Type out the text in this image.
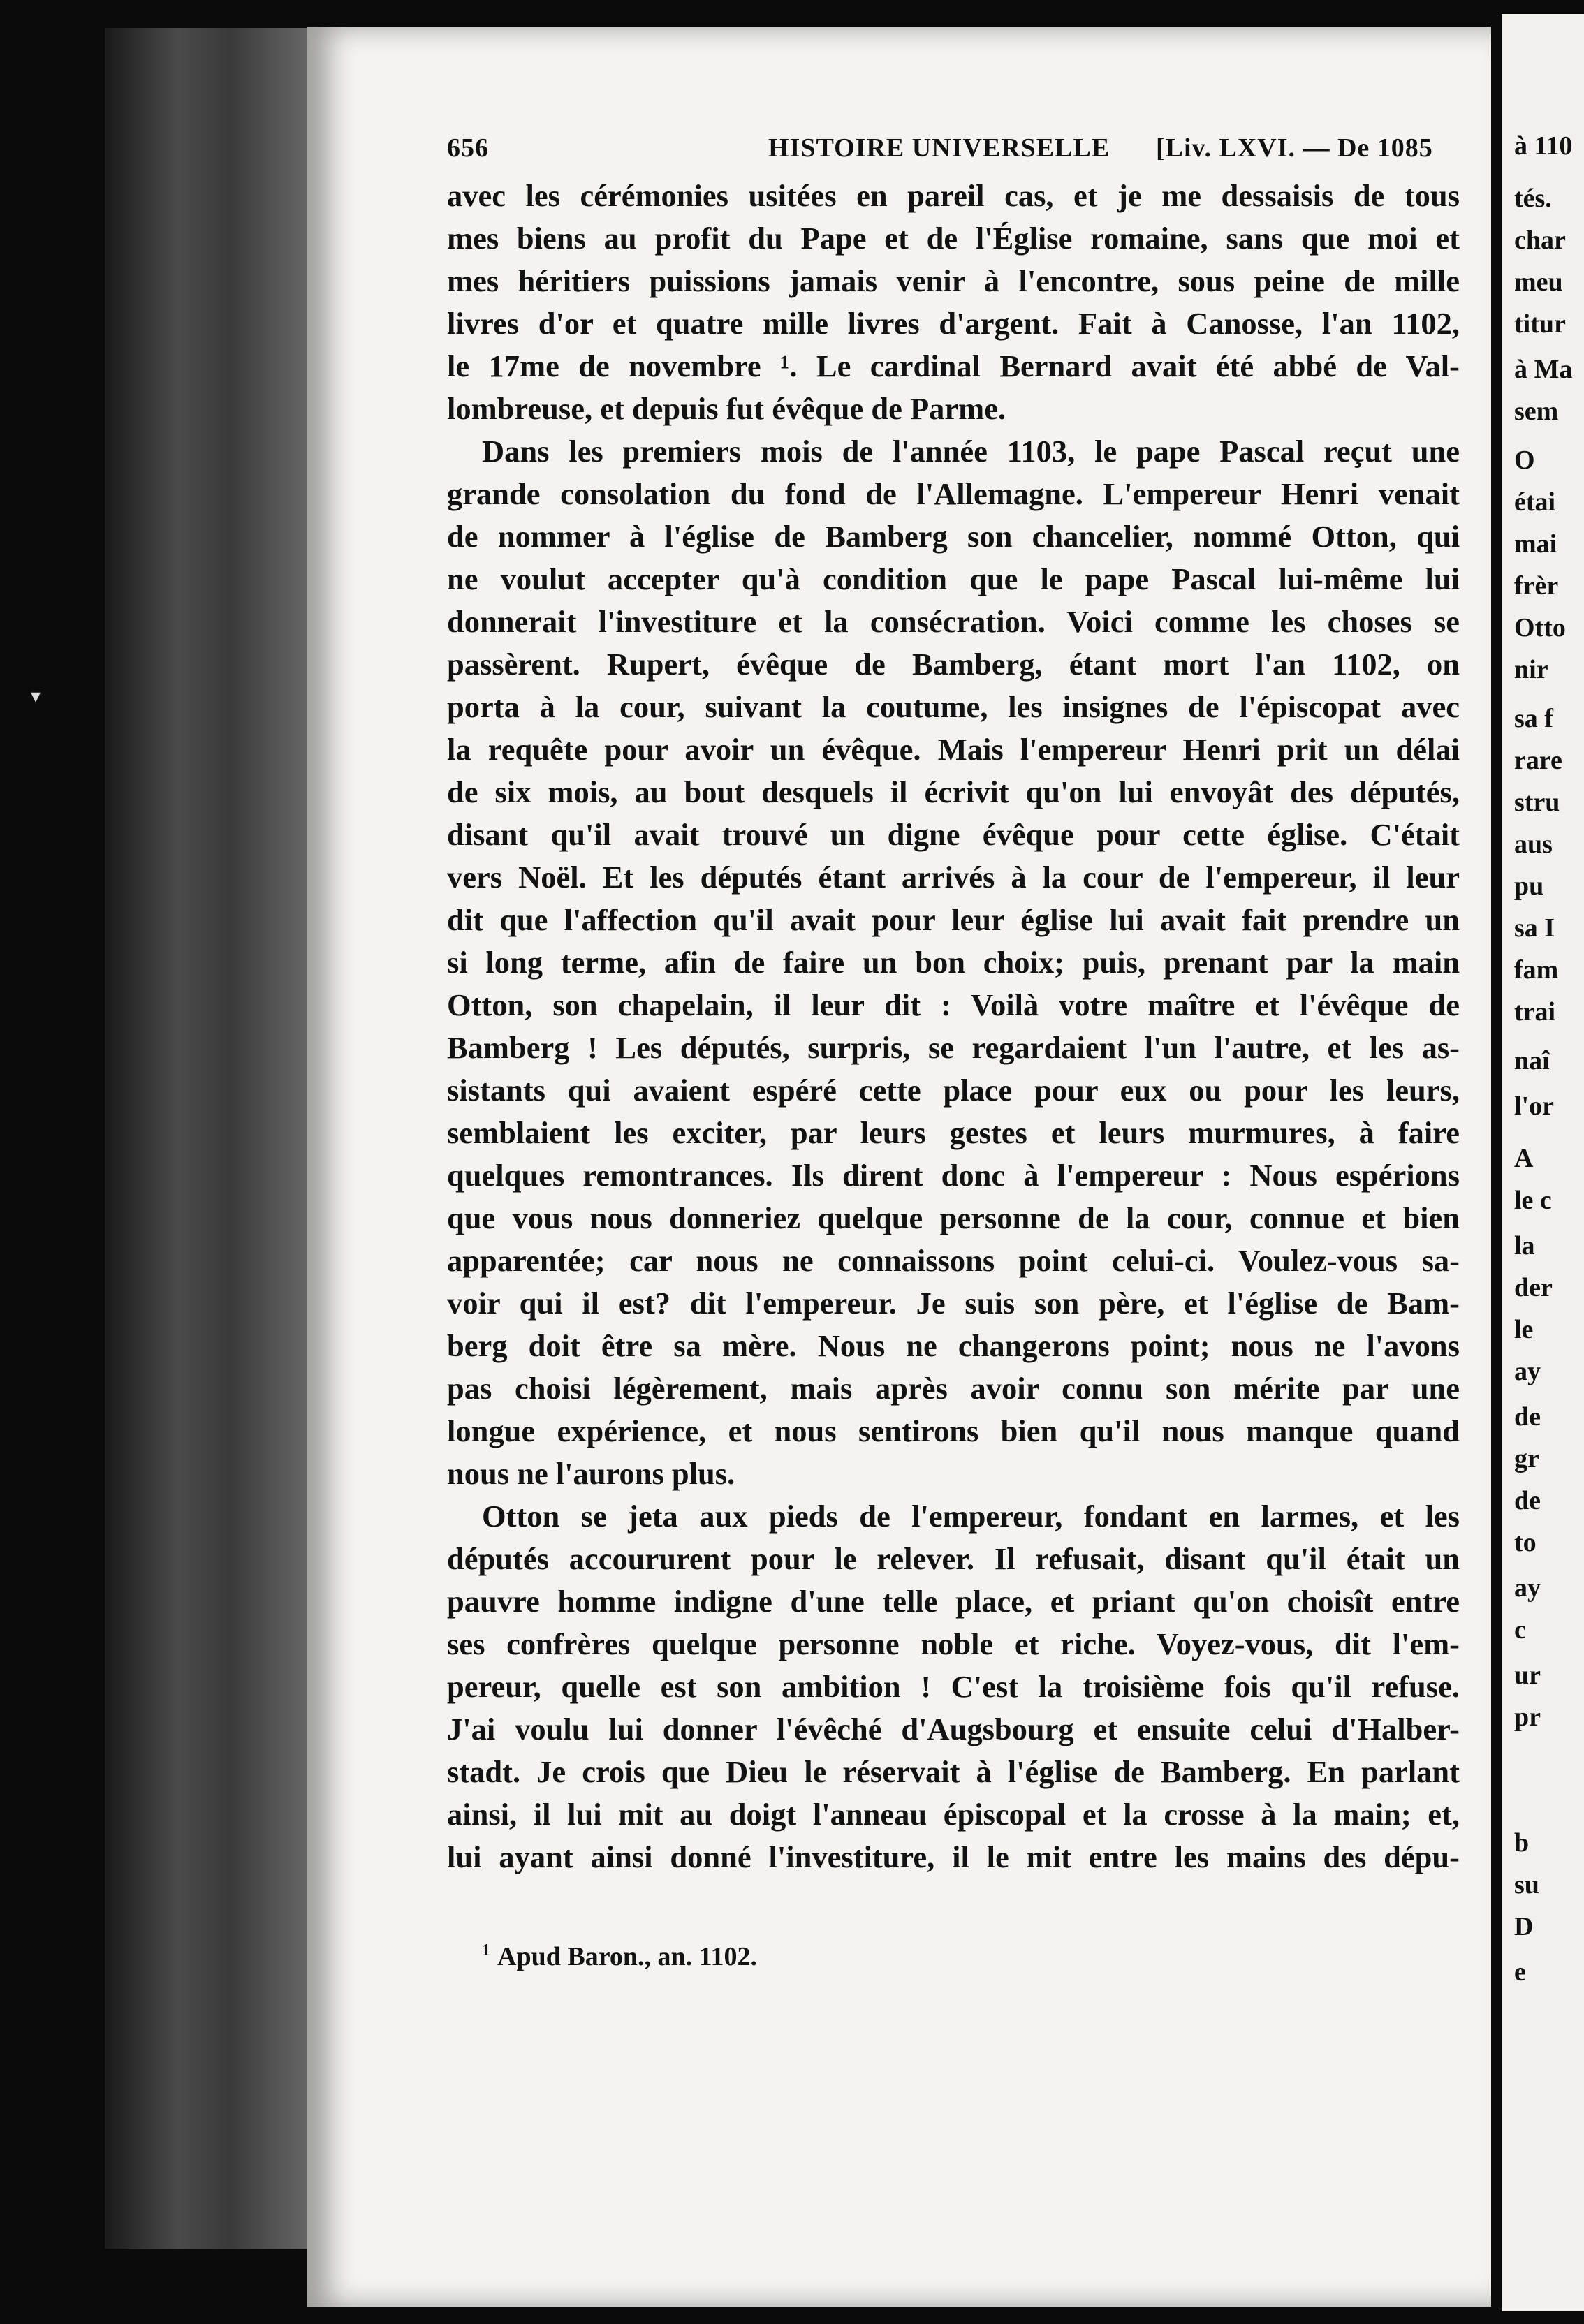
à 110
tés.
char
meu
titur
à Ma
sem
O
étai
mai
frèr
Otto
nir
sa f
rare
stru
aus
pu
sa I
fam
trai
naî
l'or
A
le c
la
der
le
ay
de
gr
de
to
ay
c
ur
pr
b
su
D
e
▾
656	HISTOIRE UNIVERSELLE [Liv. LXVI. — De 1085
avec les cérémonies usitées en pareil cas, et je me dessaisis de tous
mes biens au profit du Pape et de l'Église romaine, sans que moi et
mes héritiers puissions jamais venir à l'encontre, sous peine de mille
livres d'or et quatre mille livres d'argent. Fait à Canosse, l'an 1102,
le 17me de novembre ¹. Le cardinal Bernard avait été abbé de Val-
lombreuse, et depuis fut évêque de Parme.
Dans les premiers mois de l'année 1103, le pape Pascal reçut une
grande consolation du fond de l'Allemagne. L'empereur Henri venait
de nommer à l'église de Bamberg son chancelier, nommé Otton, qui
ne voulut accepter qu'à condition que le pape Pascal lui-même lui
donnerait l'investiture et la consécration. Voici comme les choses se
passèrent. Rupert, évêque de Bamberg, étant mort l'an 1102, on
porta à la cour, suivant la coutume, les insignes de l'épiscopat avec
la requête pour avoir un évêque. Mais l'empereur Henri prit un délai
de six mois, au bout desquels il écrivit qu'on lui envoyât des députés,
disant qu'il avait trouvé un digne évêque pour cette église. C'était
vers Noël. Et les députés étant arrivés à la cour de l'empereur, il leur
dit que l'affection qu'il avait pour leur église lui avait fait prendre un
si long terme, afin de faire un bon choix; puis, prenant par la main
Otton, son chapelain, il leur dit : Voilà votre maître et l'évêque de
Bamberg ! Les députés, surpris, se regardaient l'un l'autre, et les as-
sistants qui avaient espéré cette place pour eux ou pour les leurs,
semblaient les exciter, par leurs gestes et leurs murmures, à faire
quelques remontrances. Ils dirent donc à l'empereur : Nous espérions
que vous nous donneriez quelque personne de la cour, connue et bien
apparentée; car nous ne connaissons point celui-ci. Voulez-vous sa-
voir qui il est? dit l'empereur. Je suis son père, et l'église de Bam-
berg doit être sa mère. Nous ne changerons point; nous ne l'avons
pas choisi légèrement, mais après avoir connu son mérite par une
longue expérience, et nous sentirons bien qu'il nous manque quand
nous ne l'aurons plus.
Otton se jeta aux pieds de l'empereur, fondant en larmes, et les
députés accoururent pour le relever. Il refusait, disant qu'il était un
pauvre homme indigne d'une telle place, et priant qu'on choisît entre
ses confrères quelque personne noble et riche. Voyez-vous, dit l'em-
pereur, quelle est son ambition ! C'est la troisième fois qu'il refuse.
J'ai voulu lui donner l'évêché d'Augsbourg et ensuite celui d'Halber-
stadt. Je crois que Dieu le réservait à l'église de Bamberg. En parlant
ainsi, il lui mit au doigt l'anneau épiscopal et la crosse à la main; et,
lui ayant ainsi donné l'investiture, il le mit entre les mains des dépu-
$^1$ Apud Baron., an. 1102.
